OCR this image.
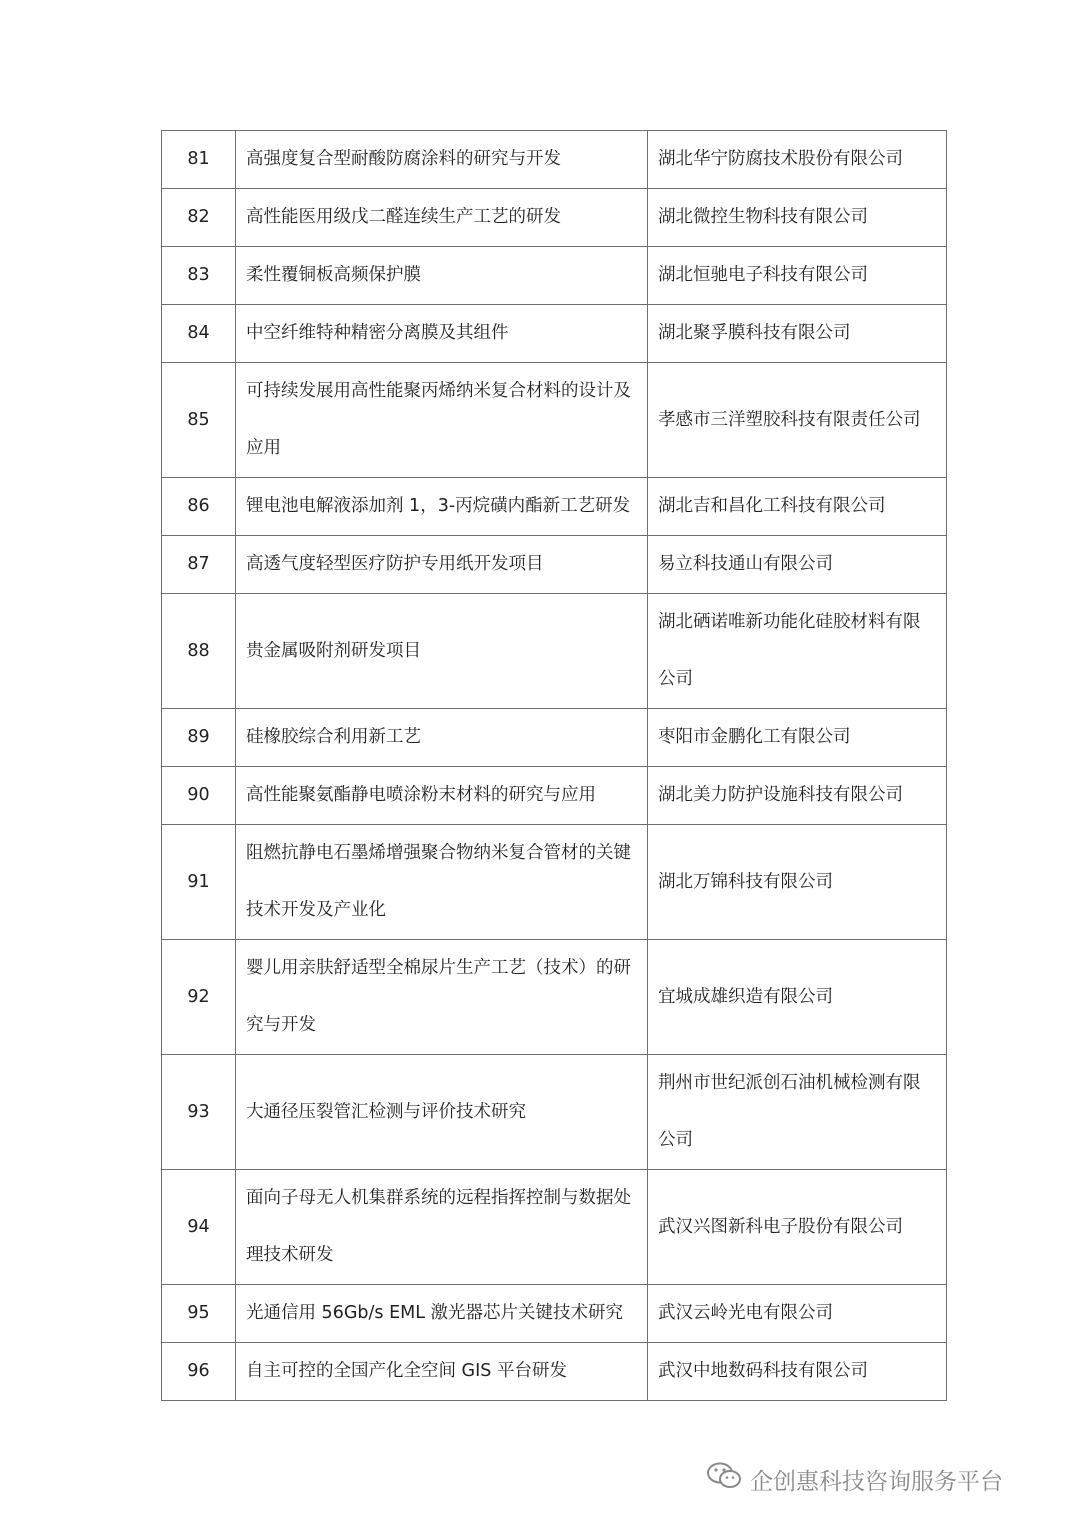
81	高强度复合型耐酸防腐涂料的研究与开发	湖北华宁防腐技术股份有限公司
82	高性能医用级戊二醛连续生产工艺的研发	湖北微控生物科技有限公司
83	柔性覆铜板高频保护膜	湖北恒驰电子科技有限公司
84	中空纤维特种精密分离膜及其组件	湖北聚孚膜科技有限公司
85	可持续发展用高性能聚丙烯纳米复合材料的设计及应用	孝感市三洋塑胶科技有限责任公司
86	锂电池电解液添加剂 1，3-丙烷磺内酯新工艺研发	湖北吉和昌化工科技有限公司
87	高透气度轻型医疗防护专用纸开发项目	易立科技通山有限公司
88	贵金属吸附剂研发项目	湖北硒诺唯新功能化硅胶材料有限公司
89	硅橡胶综合利用新工艺	枣阳市金鹏化工有限公司
90	高性能聚氨酯静电喷涂粉末材料的研究与应用	湖北美力防护设施科技有限公司
91	阻燃抗静电石墨烯增强聚合物纳米复合管材的关键技术开发及产业化	湖北万锦科技有限公司
92	婴儿用亲肤舒适型全棉尿片生产工艺（技术）的研究与开发	宜城成雄织造有限公司
93	大通径压裂管汇检测与评价技术研究	荆州市世纪派创石油机械检测有限公司
94	面向子母无人机集群系统的远程指挥控制与数据处理技术研发	武汉兴图新科电子股份有限公司
95	光通信用 56Gb/s EML 激光器芯片关键技术研究	武汉云岭光电有限公司
96	自主可控的全国产化全空间 GIS 平台研发	武汉中地数码科技有限公司
企创惠科技咨询服务平台
